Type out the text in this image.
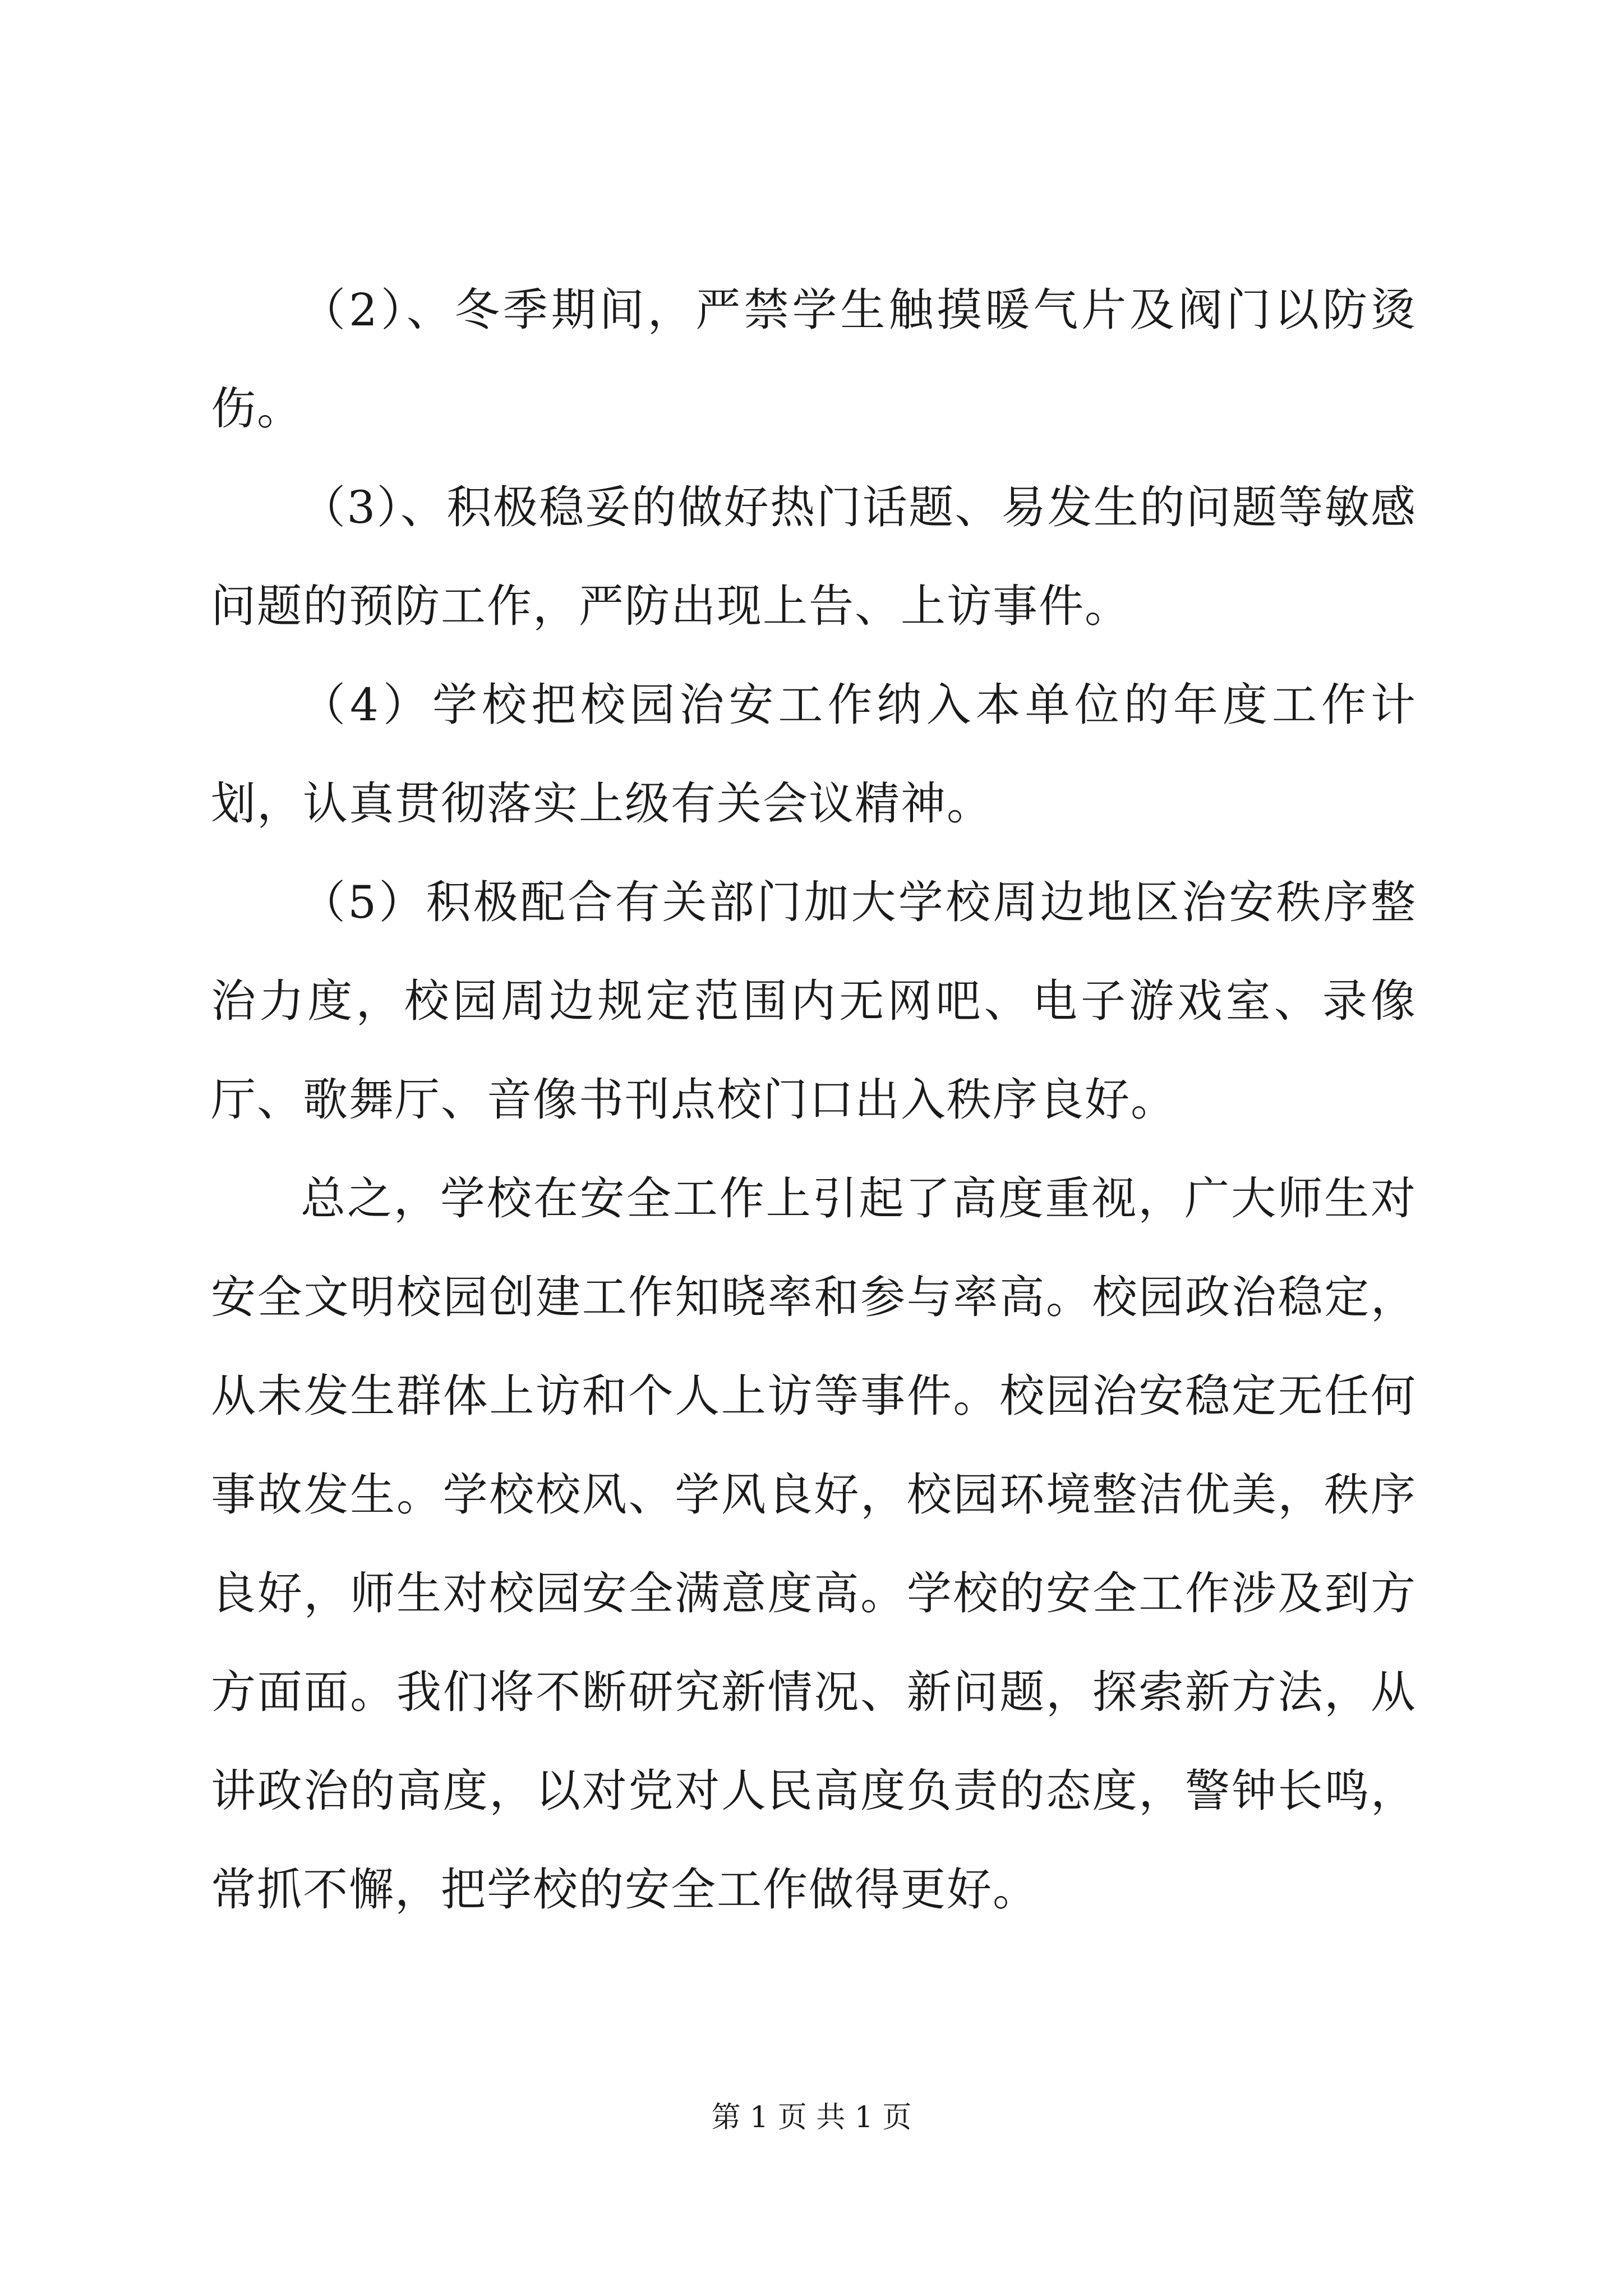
（2）、冬季期间，严禁学生触摸暖气片及阀门以防烫伤。

（3）、积极稳妥的做好热门话题、易发生的问题等敏感问题的预防工作，严防出现上告、上访事件。

（4）学校把校园治安工作纳入本单位的年度工作计划，认真贯彻落实上级有关会议精神。

（5）积极配合有关部门加大学校周边地区治安秩序整治力度，校园周边规定范围内无网吧、电子游戏室、录像厅、歌舞厅、音像书刊点校门口出入秩序良好。

总之，学校在安全工作上引起了高度重视，广大师生对安全文明校园创建工作知晓率和参与率高。校园政治稳定，从未发生群体上访和个人上访等事件。校园治安稳定无任何事故发生。学校校风、学风良好，校园环境整洁优美，秩序良好，师生对校园安全满意度高。学校的安全工作涉及到方方面面。我们将不断研究新情况、新问题，探索新方法，从讲政治的高度，以对党对人民高度负责的态度，警钟长鸣，常抓不懈，把学校的安全工作做得更好。

第 1 页 共 1 页
